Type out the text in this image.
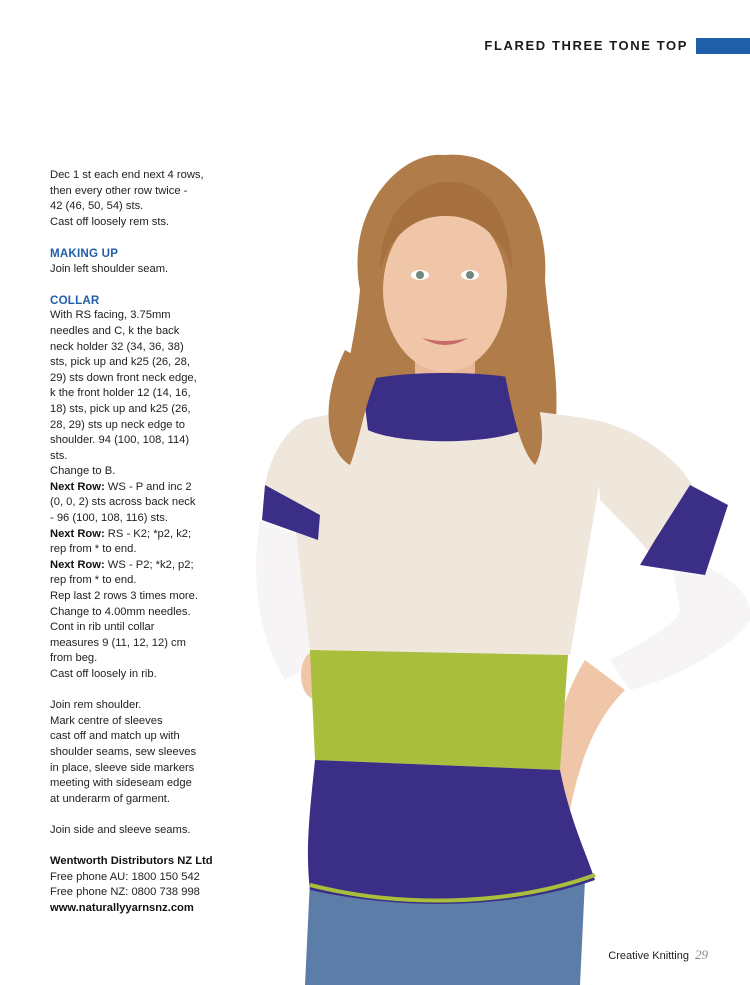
FLARED THREE TONE TOP

Dec 1 st each end next 4 rows,

then every other row twice -

42 (46, 50, 54) sts.

Cast off loosely rem sts.

MAKING UP

Join left shoulder seam.

COLLAR

With RS facing, 3.75mm

needles and C, k the back

neck holder 32 (34, 36, 38)

sts, pick up and k25 (26, 28,

29) sts down front neck edge,

k the front holder 12 (14, 16,

18) sts, pick up and k25 (26,

28, 29) sts up neck edge to

shoulder. 94 (100, 108, 114)

sts.

Change to B.

Next Row: WS - P and inc 2

(0, 0, 2) sts across back neck

- 96 (100, 108, 116) sts.

Next Row: RS - K2; *p2, k2;

rep from * to end.

Next Row: WS - P2; *k2, p2;

rep from * to end.

Rep last 2 rows 3 times more.

Change to 4.00mm needles.

Cont in rib until collar

measures 9 (11, 12, 12) cm

from beg.

Cast off loosely in rib.

Join rem shoulder.

Mark centre of sleeves

cast off and match up with

shoulder seams, sew sleeves

in place, sleeve side markers

meeting with sideseam edge

at underarm of garment.

Join side and sleeve seams.

Wentworth Distributors NZ Ltd

Free phone AU: 1800 150 542

Free phone NZ: 0800 738 998

www.naturallyyarnsnz.com

Creative Knitting 29
